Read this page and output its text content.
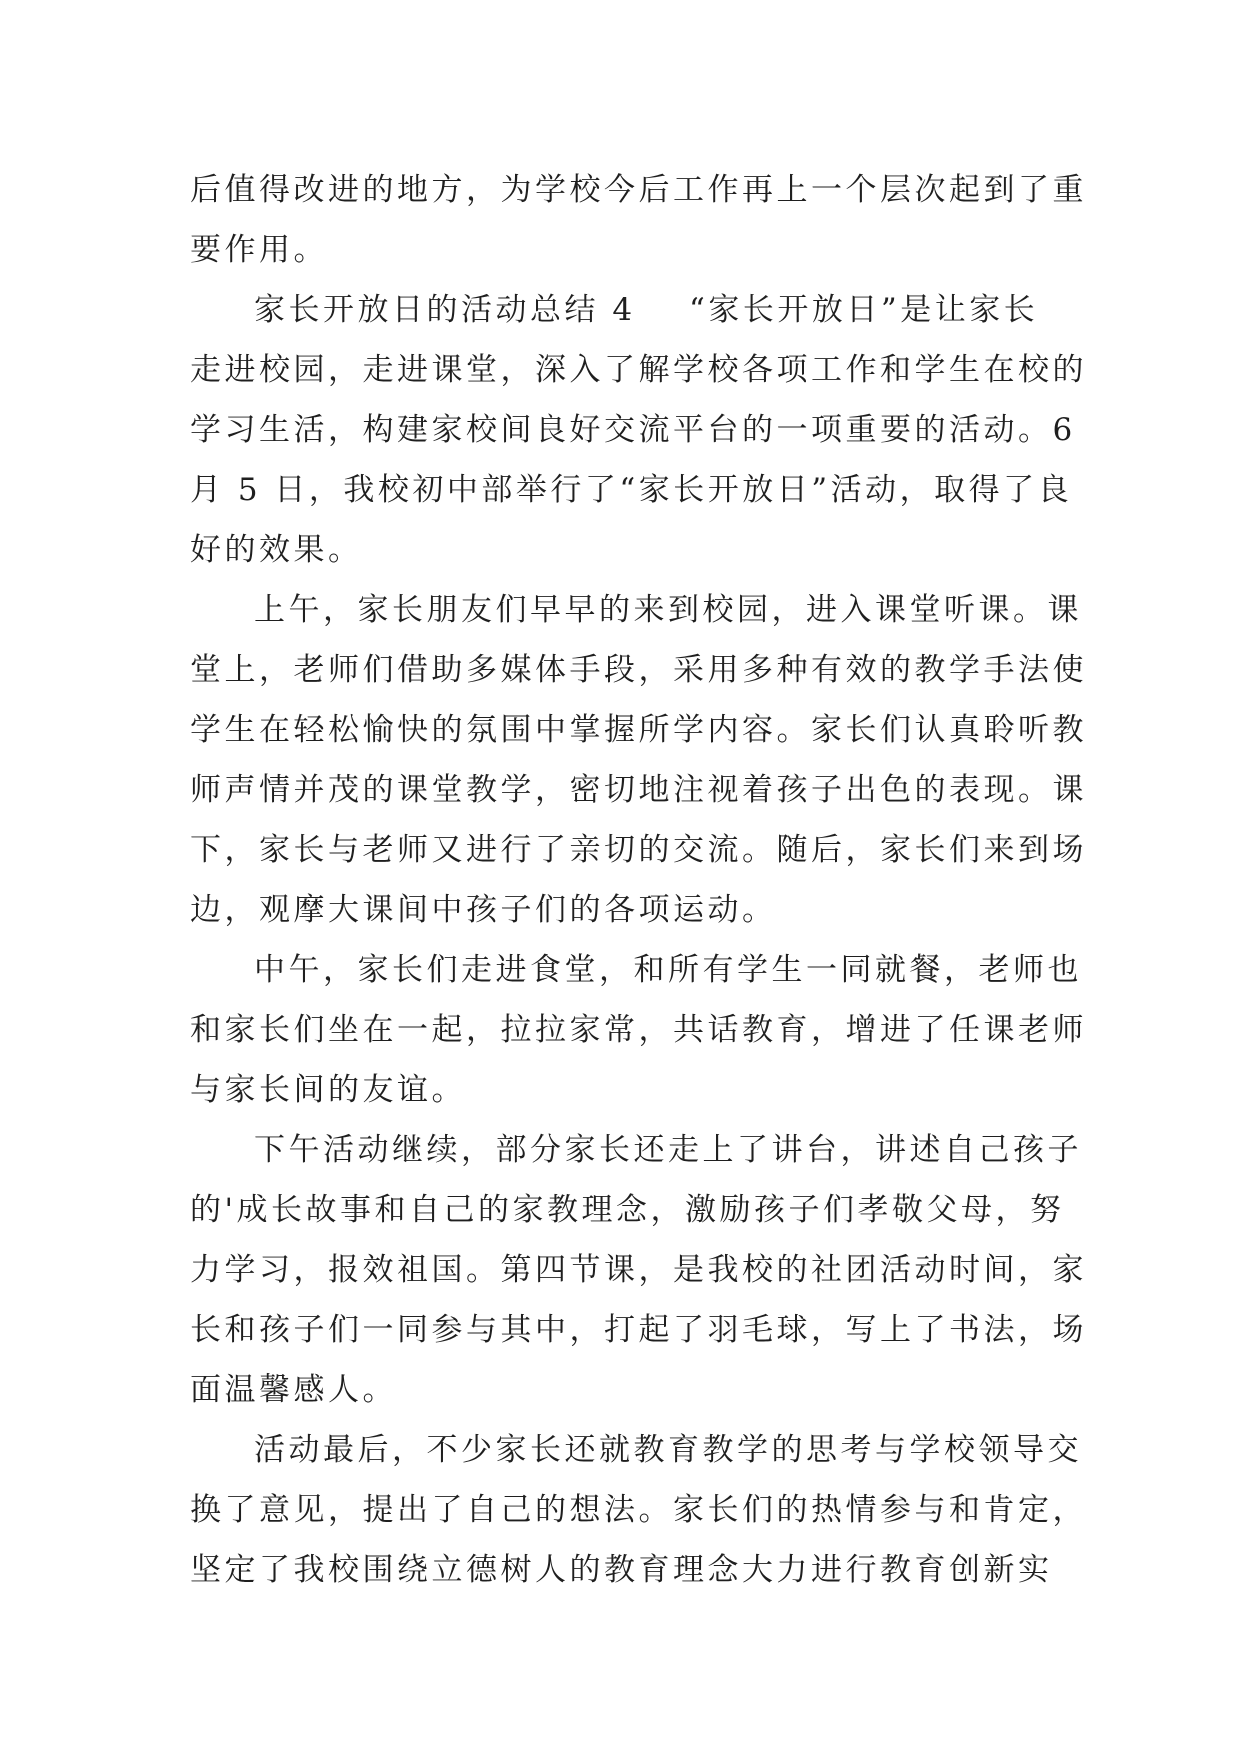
后值得改进的地方，为学校今后工作再上一个层次起到了重
要作用。
家长开放日的活动总结 4    “家长开放日”是让家长
走进校园，走进课堂，深入了解学校各项工作和学生在校的
学习生活，构建家校间良好交流平台的一项重要的活动。6
月 5 日，我校初中部举行了“家长开放日”活动，取得了良
好的效果。
上午，家长朋友们早早的来到校园，进入课堂听课。课
堂上，老师们借助多媒体手段，采用多种有效的教学手法使
学生在轻松愉快的氛围中掌握所学内容。家长们认真聆听教
师声情并茂的课堂教学，密切地注视着孩子出色的表现。课
下，家长与老师又进行了亲切的交流。随后，家长们来到场
边，观摩大课间中孩子们的各项运动。
中午，家长们走进食堂，和所有学生一同就餐，老师也
和家长们坐在一起，拉拉家常，共话教育，增进了任课老师
与家长间的友谊。
下午活动继续，部分家长还走上了讲台，讲述自己孩子
的'成长故事和自己的家教理念，激励孩子们孝敬父母，努
力学习，报效祖国。第四节课，是我校的社团活动时间，家
长和孩子们一同参与其中，打起了羽毛球，写上了书法，场
面温馨感人。
活动最后，不少家长还就教育教学的思考与学校领导交
换了意见，提出了自己的想法。家长们的热情参与和肯定，
坚定了我校围绕立德树人的教育理念大力进行教育创新实
